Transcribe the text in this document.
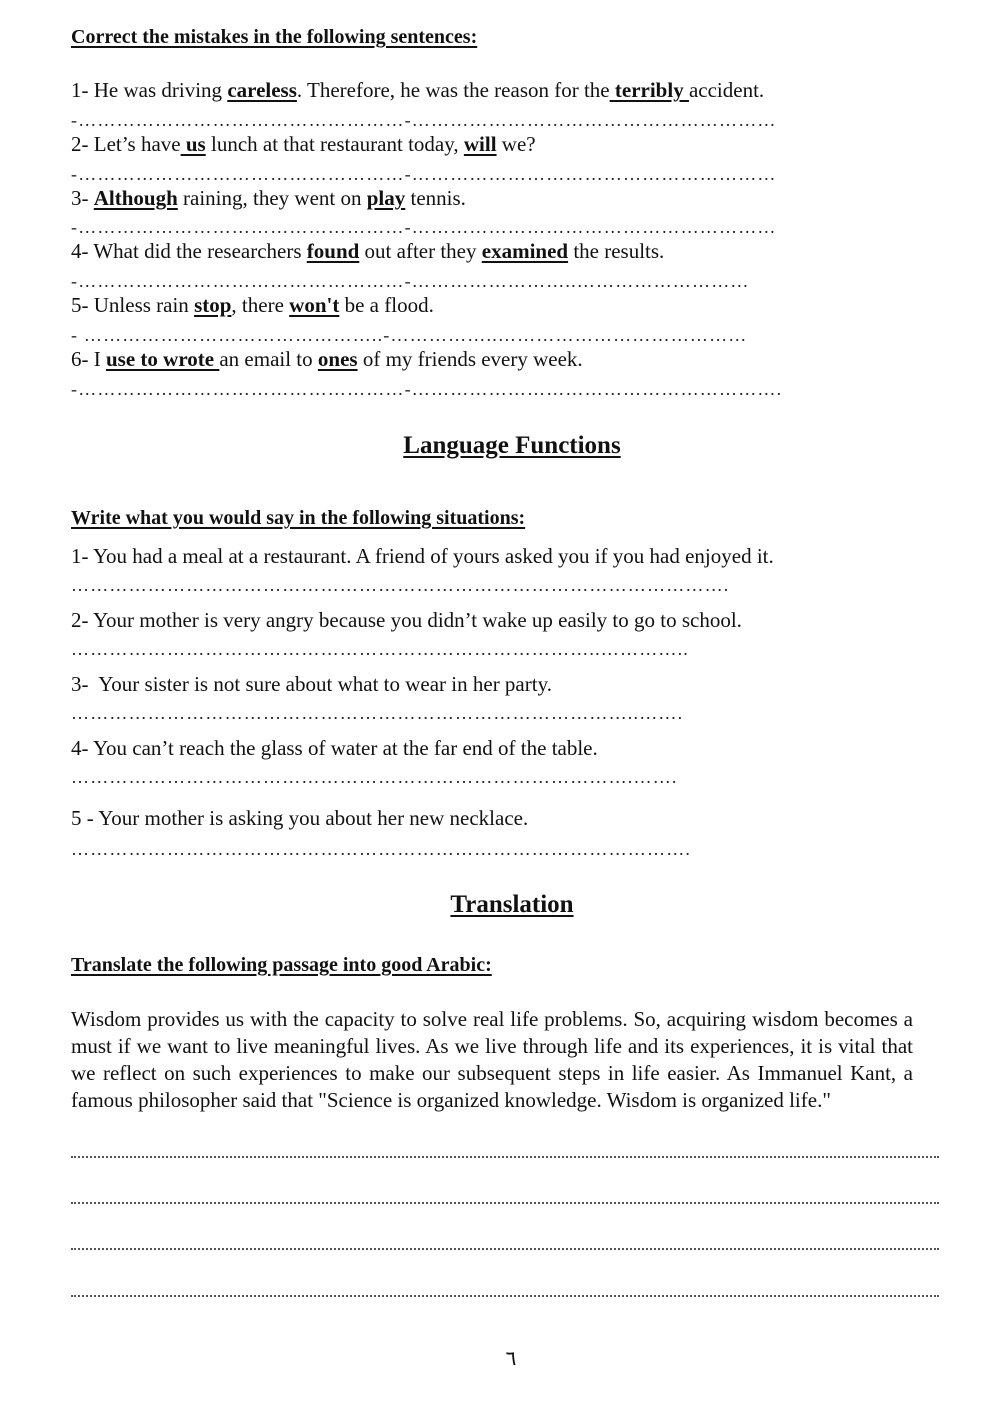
Correct the mistakes in the following sentences:
1- He was driving careless. Therefore, he was the reason for the terribly accident.
-……………………………………………-…………………………………………………
2- Let’s have us lunch at that restaurant today, will we?
-……………………………………………-…………………………………………………
3- Although raining, they went on play tennis.
-……………………………………………-…………………………………………………
4- What did the researchers found out after they examined the results.
-……………………………………………-……………………..………………………
5- Unless rain stop, there won't be a flood.
- ………………………………………..-……………..…………………………………
6- I use to wrote an email to ones of my friends every week.
-……………………………………………-………………………………………………….
Language Functions
Write what you would say in the following situations:
1- You had a meal at a restaurant. A friend of yours asked you if you had enjoyed it.
………………………………………………………………………………………….
2- Your mother is very angry because you didn’t wake up easily to go to school.
………………………………………………………………………..…………..
3-  Your sister is not sure about what to wear in her party.
……………………………………………………………………………..…….
4- You can’t reach the glass of water at the far end of the table.
…………………………………………………………………………….…….
5 - Your mother is asking you about her new necklace.
…………………………………………………………………………………….
Translation
Translate the following passage into good Arabic:
Wisdom provides us with the capacity to solve real life problems. So, acquiring wisdom becomes a must if we want to live meaningful lives. As we live through life and its experiences, it is vital that we reflect on such experiences to make our subsequent steps in life easier. As Immanuel Kant, a famous philosopher said that "Science is organized knowledge. Wisdom is organized life."
٦
